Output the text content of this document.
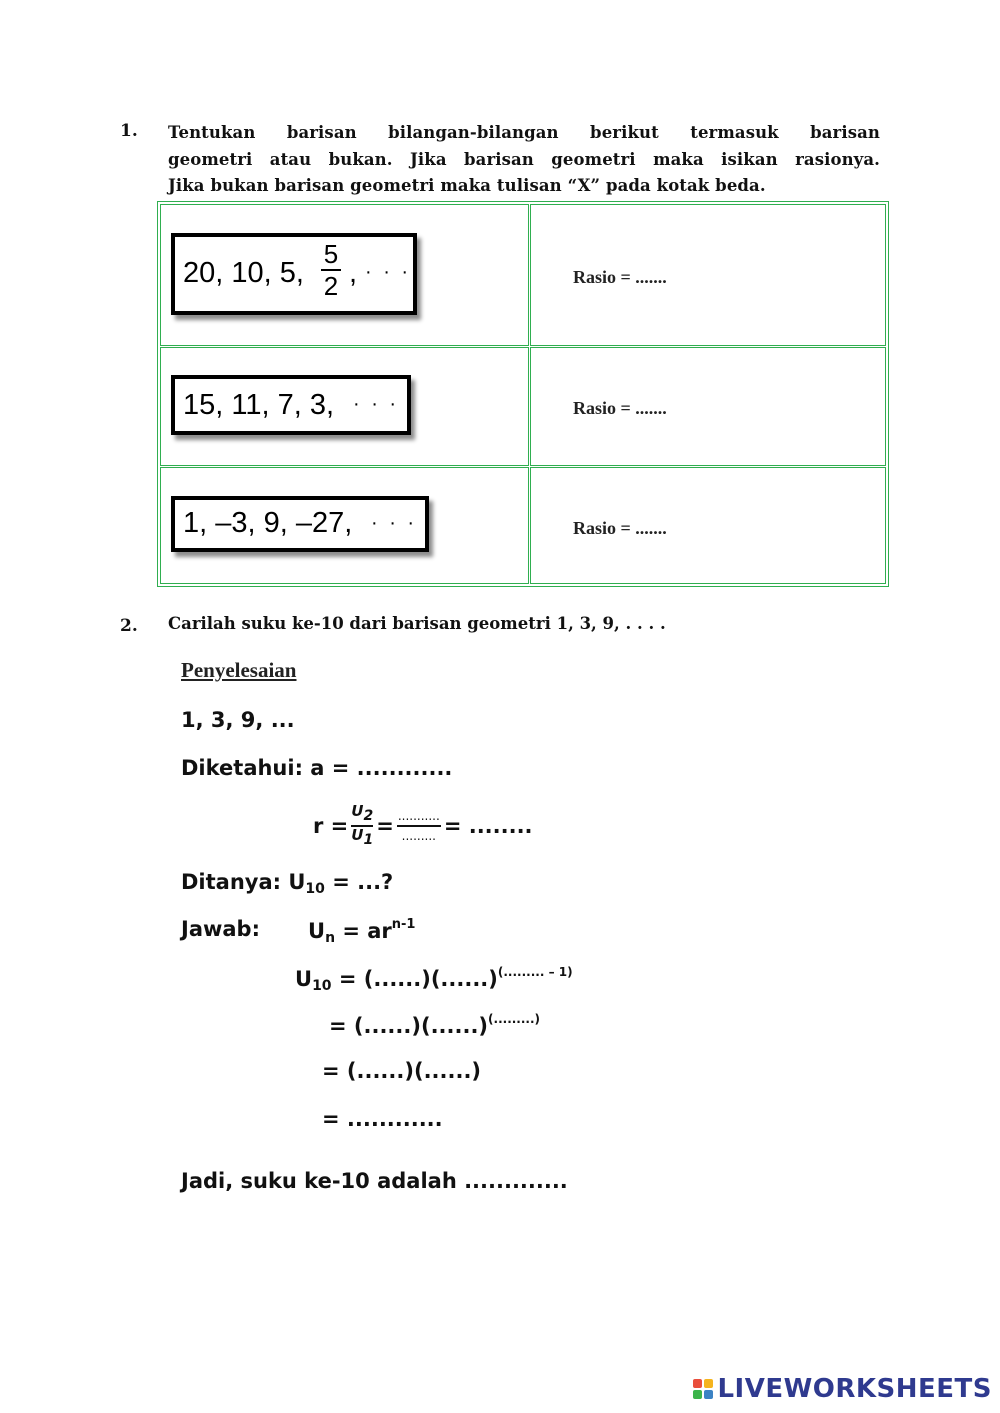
1. Tentukan barisan bilangan-bilangan berikut termasuk barisan
geometri atau bukan. Jika barisan geometri maka isikan rasionya.
Jika bukan barisan geometri maka tulisan “X” pada kotak beda.
20, 10, 5,
5
2 , · · ·	Rasio = .......
15, 11, 7, 3, · · ·	Rasio = .......
1, –3, 9, –27, · · ·	Rasio = .......
2. Carilah suku ke-10 dari barisan geometri 1, 3, 9, . . . .
Penyelesaian
1, 3, 9, ...
Diketahui: a = ............
r =
$U_2$
$U_1$
= ...........
......... = ........
Ditanya: $U_{10}$ = ...?
Jawab: $U_n = ar^{n-1}$
$U_{10} = (......)(......)^{(......... - 1)}$
= (......)(......)(.........)
= (......)(......)
= ............
Jadi, suku ke-10 adalah .............
LIVEWORKSHEETS
